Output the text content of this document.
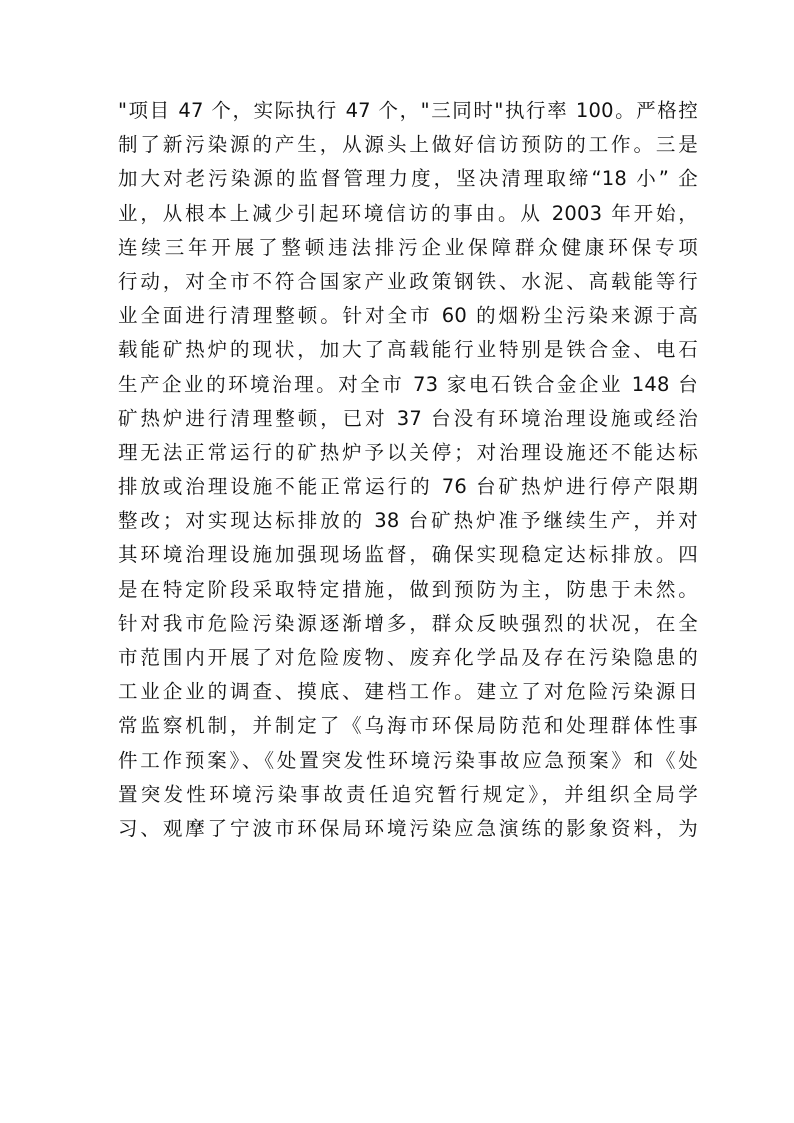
"项目 47 个，实际执行 47 个，"三同时"执行率 100。严格控
制了新污染源的产生，从源头上做好信访预防的工作。三是
加大对老污染源的监督管理力度，坚决清理取缔“18 小” 企
业，从根本上减少引起环境信访的事由。从 2003 年开始，
连续三年开展了整顿违法排污企业保障群众健康环保专项
行动，对全市不符合国家产业政策钢铁、水泥、高载能等行
业全面进行清理整顿。针对全市 60 的烟粉尘污染来源于高
载能矿热炉的现状，加大了高载能行业特别是铁合金、电石
生产企业的环境治理。对全市 73 家电石铁合金企业 148 台
矿热炉进行清理整顿，已对 37 台没有环境治理设施或经治
理无法正常运行的矿热炉予以关停；对治理设施还不能达标
排放或治理设施不能正常运行的 76 台矿热炉进行停产限期
整改；对实现达标排放的 38 台矿热炉准予继续生产，并对
其环境治理设施加强现场监督，确保实现稳定达标排放。四
是在特定阶段采取特定措施，做到预防为主，防患于未然。
针对我市危险污染源逐渐增多，群众反映强烈的状况，在全
市范围内开展了对危险废物、废弃化学品及存在污染隐患的
工业企业的调查、摸底、建档工作。建立了对危险污染源日
常监察机制，并制定了《乌海市环保局防范和处理群体性事
件工作预案》、《处置突发性环境污染事故应急预案》和《处
置突发性环境污染事故责任追究暂行规定》，并组织全局学
习、观摩了宁波市环保局环境污染应急演练的影象资料，为
